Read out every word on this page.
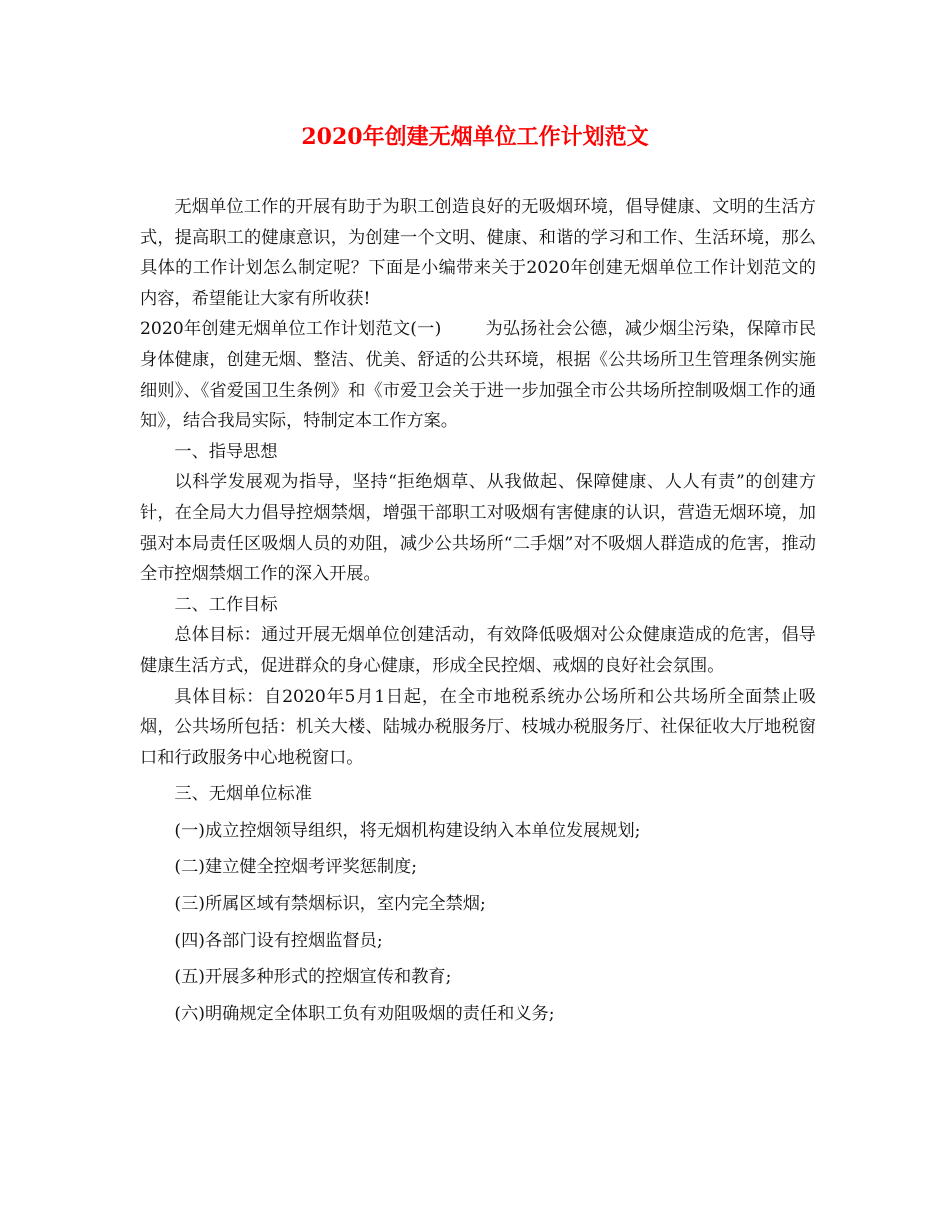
2020年创建无烟单位工作计划范文

无烟单位工作的开展有助于为职工创造良好的无吸烟环境，倡导健康、文明的生活方式，提高职工的健康意识，为创建一个文明、健康、和谐的学习和工作、生活环境，那么具体的工作计划怎么制定呢？下面是小编带来关于2020年创建无烟单位工作计划范文的内容，希望能让大家有所收获!

2020年创建无烟单位工作计划范文(一)	为弘扬社会公德，减少烟尘污染，保障市民身体健康，创建无烟、整洁、优美、舒适的公共环境，根据《公共场所卫生管理条例实施细则》、《省爱国卫生条例》和《市爱卫会关于进一步加强全市公共场所控制吸烟工作的通知》，结合我局实际，特制定本工作方案。

一、指导思想

以科学发展观为指导，坚持“拒绝烟草、从我做起、保障健康、人人有责”的创建方针，在全局大力倡导控烟禁烟，增强干部职工对吸烟有害健康的认识，营造无烟环境，加强对本局责任区吸烟人员的劝阻，减少公共场所“二手烟”对不吸烟人群造成的危害，推动全市控烟禁烟工作的深入开展。

二、工作目标

总体目标：通过开展无烟单位创建活动，有效降低吸烟对公众健康造成的危害，倡导健康生活方式，促进群众的身心健康，形成全民控烟、戒烟的良好社会氛围。

具体目标：自2020年5月1日起，在全市地税系统办公场所和公共场所全面禁止吸烟，公共场所包括：机关大楼、陆城办税服务厅、枝城办税服务厅、社保征收大厅地税窗口和行政服务中心地税窗口。

三、无烟单位标准

(一)成立控烟领导组织，将无烟机构建设纳入本单位发展规划;

(二)建立健全控烟考评奖惩制度;

(三)所属区域有禁烟标识，室内完全禁烟;

(四)各部门设有控烟监督员;

(五)开展多种形式的控烟宣传和教育;

(六)明确规定全体职工负有劝阻吸烟的责任和义务;
